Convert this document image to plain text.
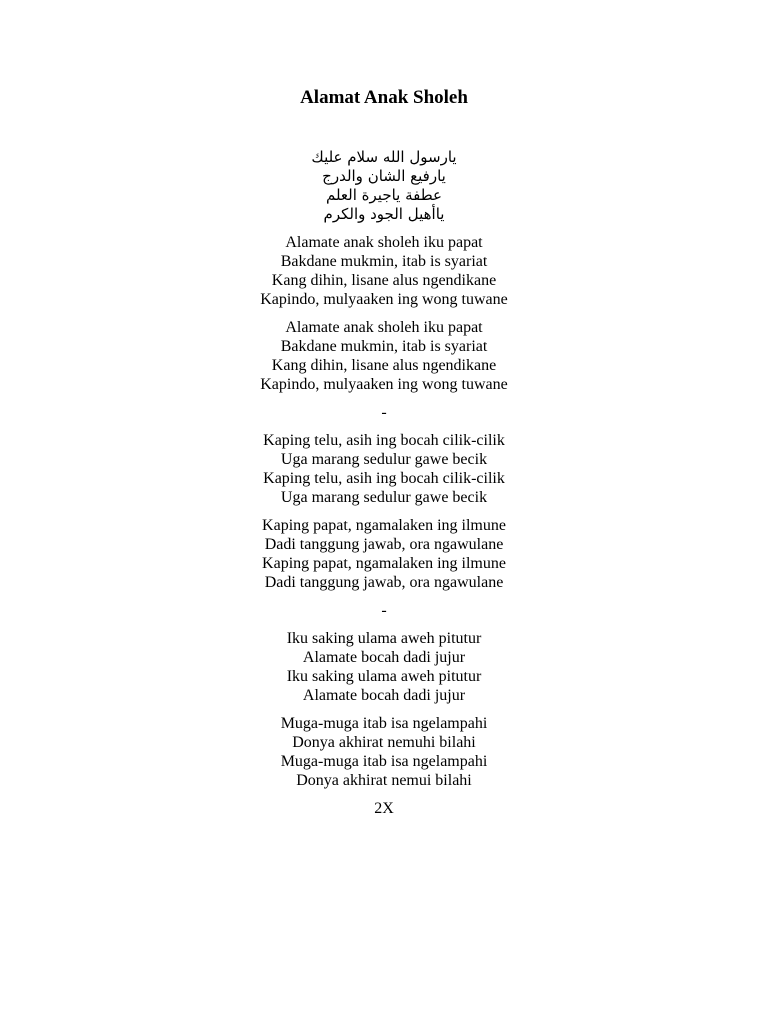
Alamat Anak Sholeh
يارسول الله سلام عليك
يارفيع الشان والدرج
عطفة ياجيرة العلم
ياأهيل الجود والكرم
Alamate anak sholeh iku papat
Bakdane mukmin, itab is syariat
Kang dihin, lisane alus ngendikane
Kapindo, mulyaaken ing wong tuwane
Alamate anak sholeh iku papat
Bakdane mukmin, itab is syariat
Kang dihin, lisane alus ngendikane
Kapindo, mulyaaken ing wong tuwane
-
Kaping telu, asih ing bocah cilik-cilik
Uga marang sedulur gawe becik
Kaping telu, asih ing bocah cilik-cilik
Uga marang sedulur gawe becik
Kaping papat, ngamalaken ing ilmune
Dadi tanggung jawab, ora ngawulane
Kaping papat, ngamalaken ing ilmune
Dadi tanggung jawab, ora ngawulane
-
Iku saking ulama aweh pitutur
Alamate bocah dadi jujur
Iku saking ulama aweh pitutur
Alamate bocah dadi jujur
Muga-muga itab isa ngelampahi
Donya akhirat nemuhi bilahi
Muga-muga itab isa ngelampahi
Donya akhirat nemui bilahi
2X
